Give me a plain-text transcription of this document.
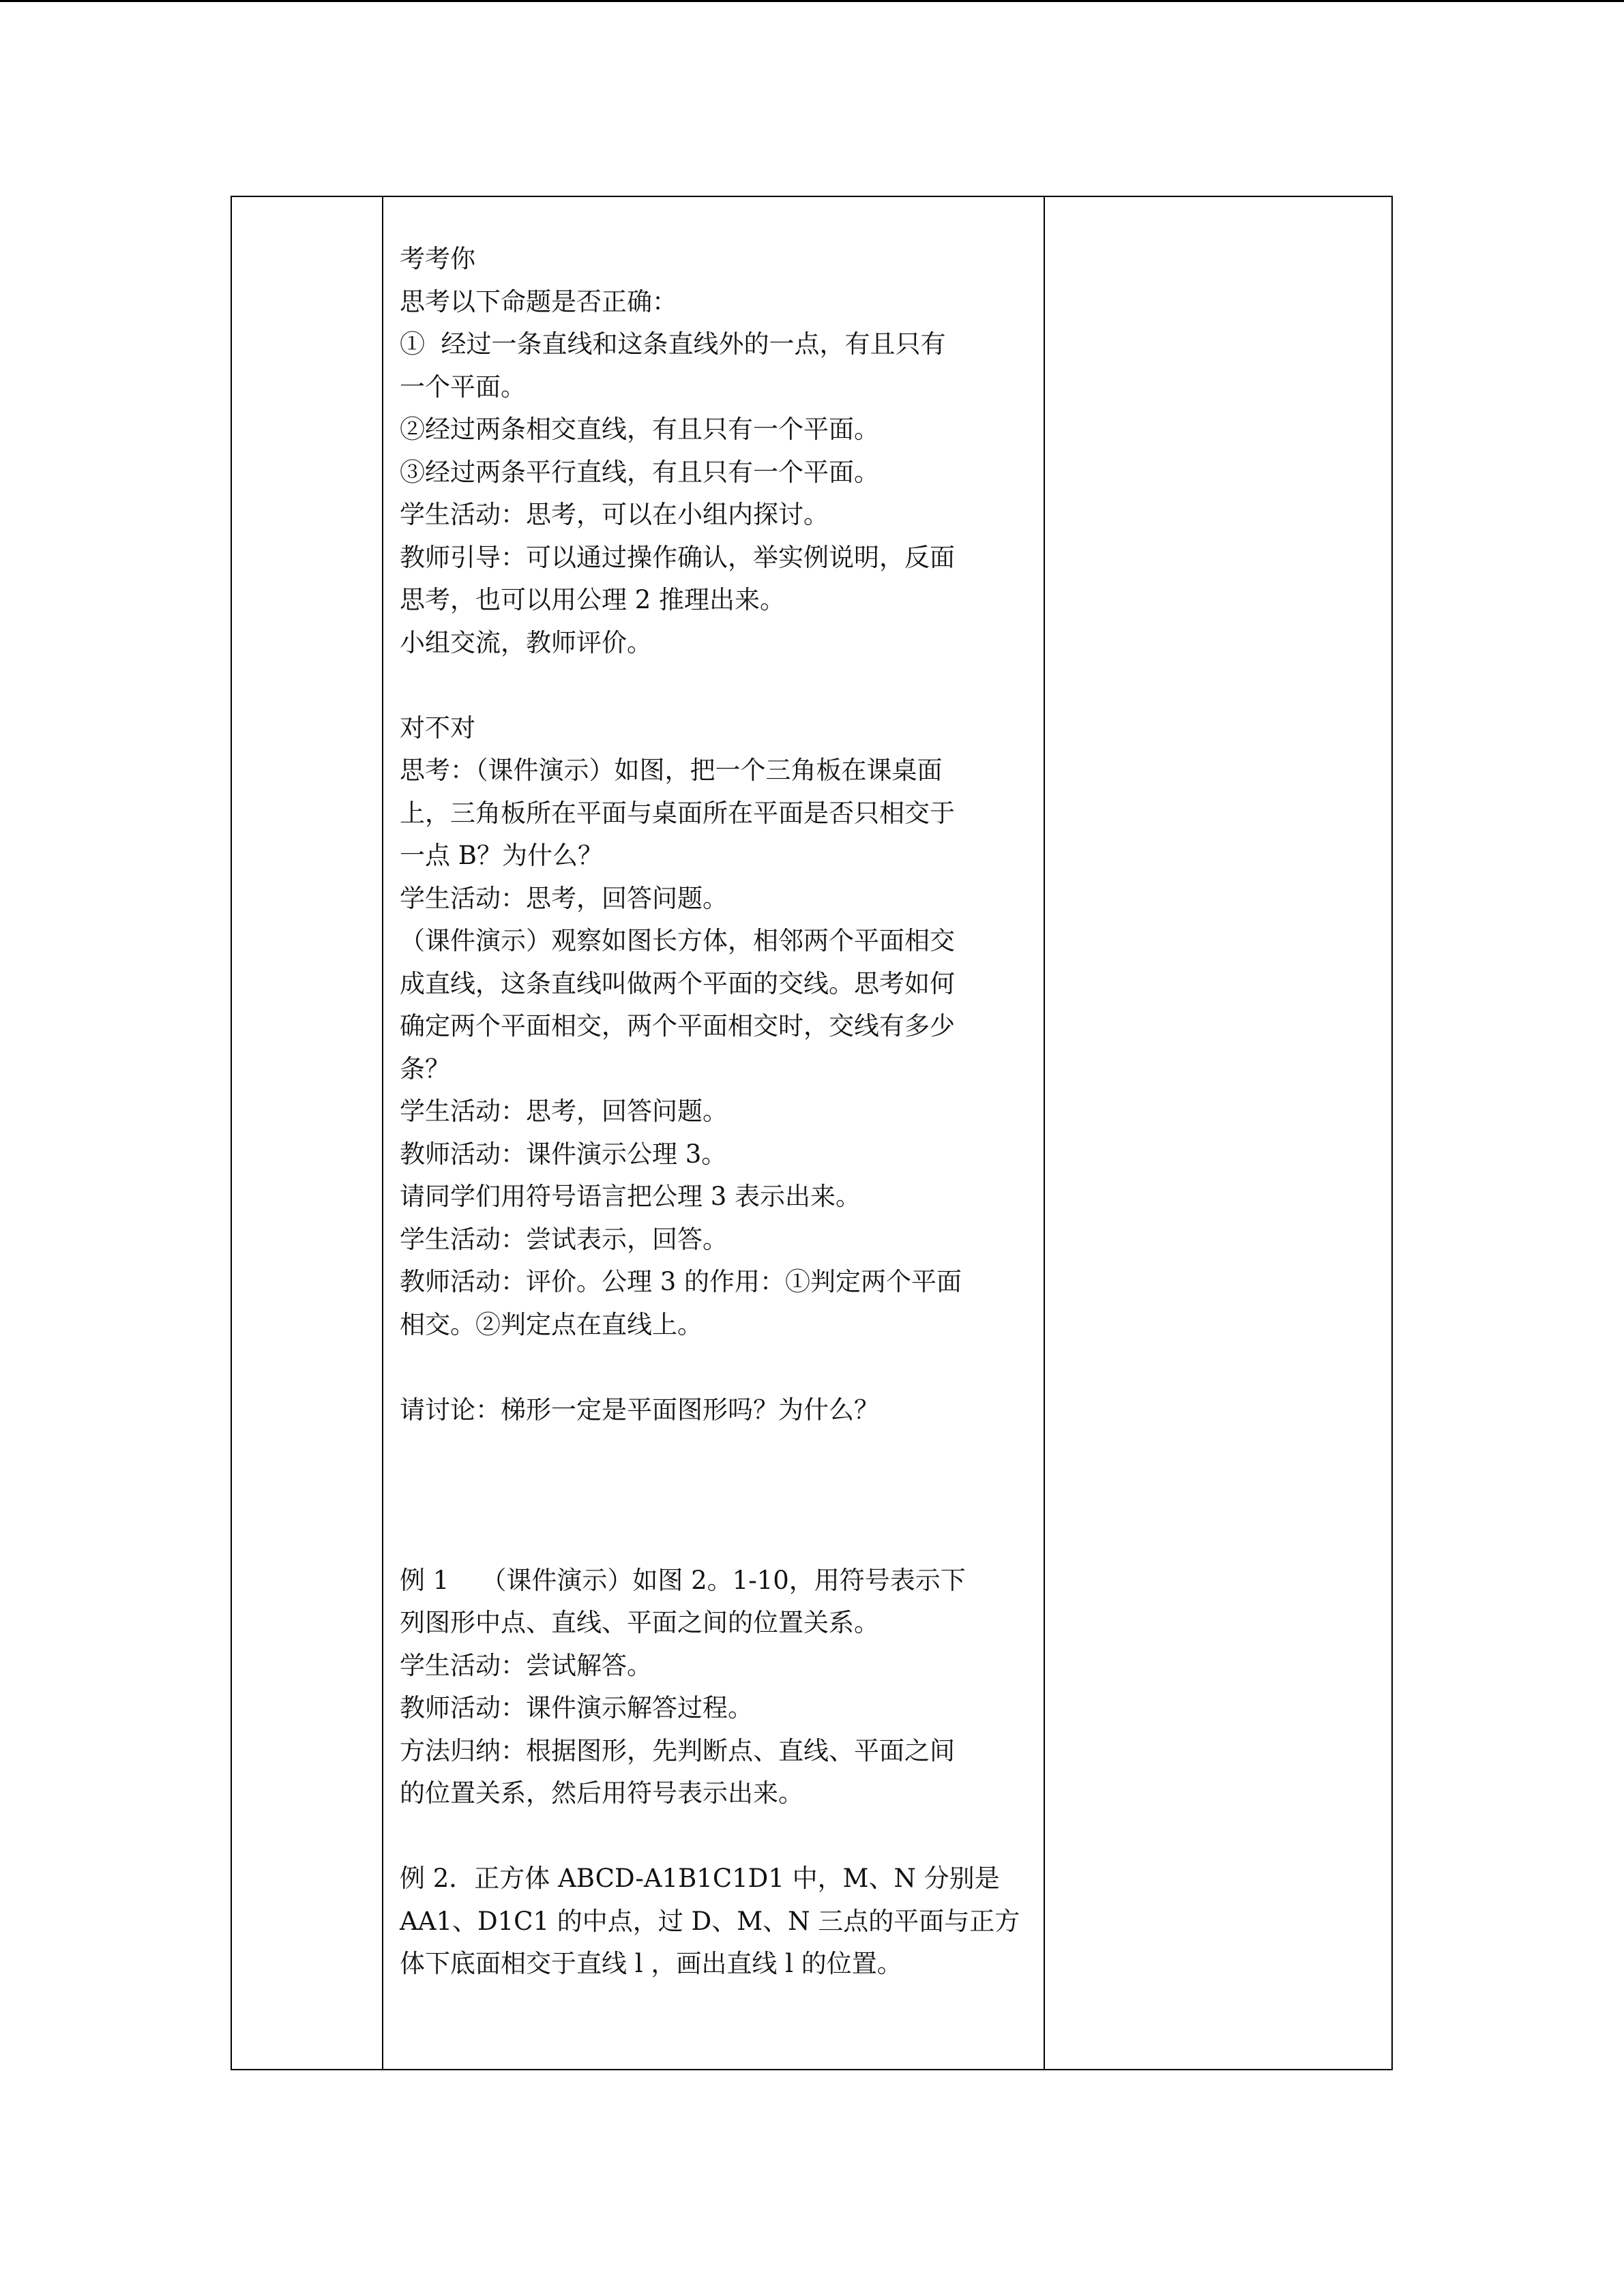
考考你
思考以下命题是否正确：
①  经过一条直线和这条直线外的一点，有且只有
一个平面。
②经过两条相交直线，有且只有一个平面。
③经过两条平行直线，有且只有一个平面。
学生活动：思考，可以在小组内探讨。
教师引导：可以通过操作确认，举实例说明，反面
思考，也可以用公理 2 推理出来。
小组交流，教师评价。
对不对
思考：（课件演示）如图，把一个三角板在课桌面
上，三角板所在平面与桌面所在平面是否只相交于
一点 B？为什么？
学生活动：思考，回答问题。
（课件演示）观察如图长方体，相邻两个平面相交
成直线，这条直线叫做两个平面的交线。思考如何
确定两个平面相交，两个平面相交时，交线有多少
条？
学生活动：思考，回答问题。
教师活动：课件演示公理 3。
请同学们用符号语言把公理 3 表示出来。
学生活动：尝试表示，回答。
教师活动：评价。公理 3 的作用：①判定两个平面
相交。②判定点在直线上。
请讨论：梯形一定是平面图形吗？为什么？
例 1    （课件演示）如图 2。1-10，用符号表示下
列图形中点、直线、平面之间的位置关系。
学生活动：尝试解答。
教师活动：课件演示解答过程。
方法归纳：根据图形，先判断点、直线、平面之间
的位置关系，然后用符号表示出来。
例 2．正方体 ABCD-A1B1C1D1 中，M、N 分别是
AA1、D1C1 的中点，过 D、M、N 三点的平面与正方
体下底面相交于直线 l ，画出直线 l 的位置。
